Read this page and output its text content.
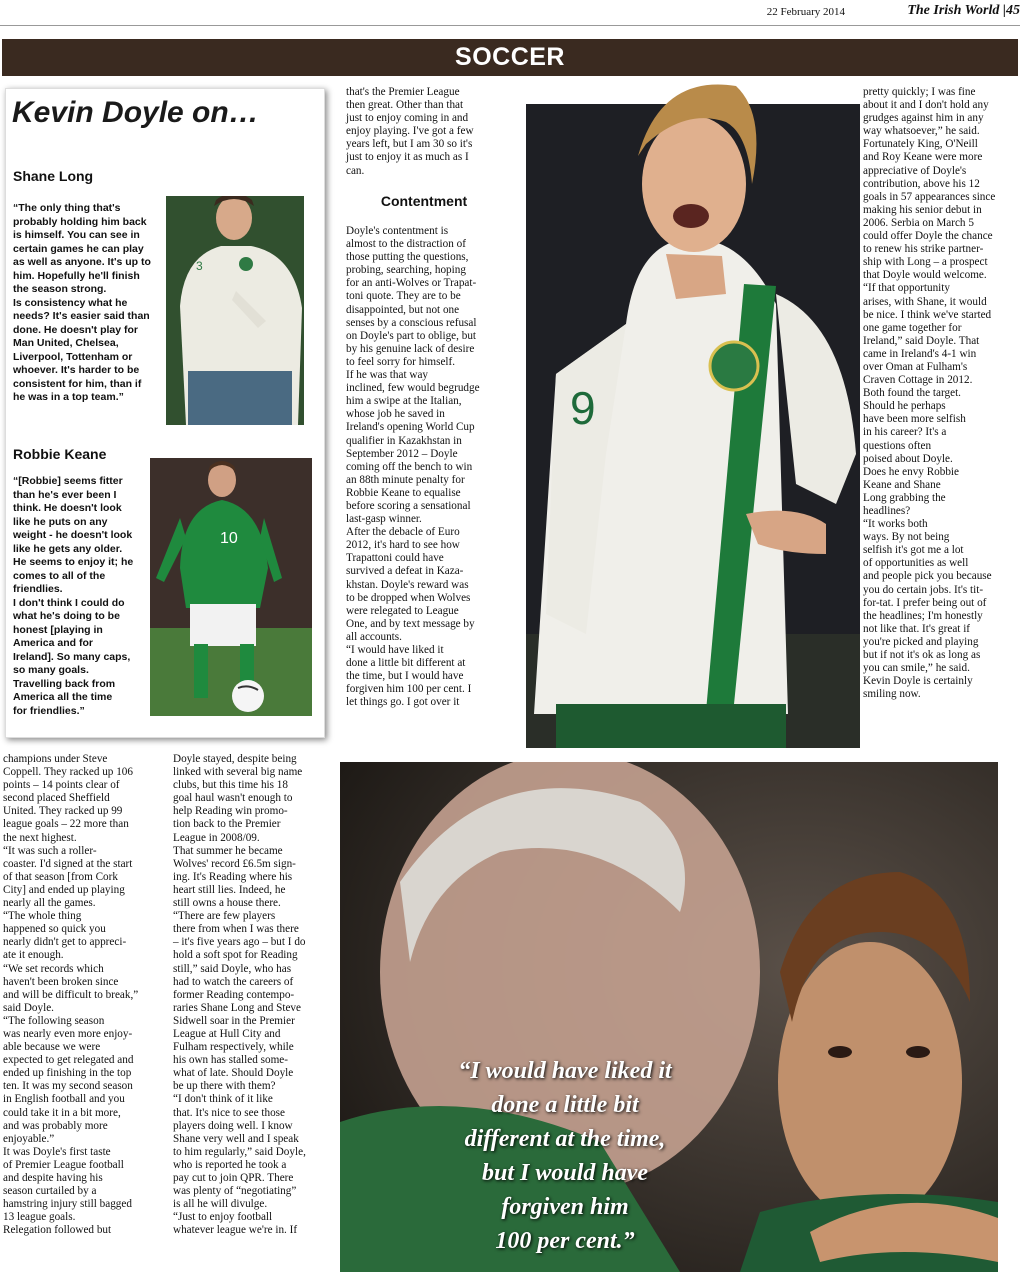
22 February 2014	The Irish World |45
SOCCER
Kevin Doyle on…
Shane Long
“The only thing that's
probably holding him back
is himself. You can see in
certain games he can play
as well as anyone. It's up to
him. Hopefully he'll finish
the season strong.
Is consistency what he
needs? It's easier said than
done. He doesn't play for
Man United, Chelsea,
Liverpool, Tottenham or
whoever. It's harder to be
consistent for him, than if
he was in a top team.”
3
Robbie Keane
“[Robbie] seems fitter
than he's ever been I
think. He doesn't look
like he puts on any
weight - he doesn't look
like he gets any older.
He seems to enjoy it; he
comes to all of the
friendlies.
I don't think I could do
what he's doing to be
honest [playing in
America and for
Ireland]. So many caps,
so many goals.
Travelling back from
America all the time
for friendlies.”
10
that's the Premier League
then great. Other than that
just to enjoy coming in and
enjoy playing. I've got a few
years left, but I am 30 so it's
just to enjoy it as much as I
can.
Contentment
Doyle's contentment is
almost to the distraction of
those putting the questions,
probing, searching, hoping
for an anti-Wolves or Trapat-
toni quote. They are to be
disappointed, but not one
senses by a conscious refusal
on Doyle's part to oblige, but
by his genuine lack of desire
to feel sorry for himself.
If he was that way
inclined, few would begrudge
him a swipe at the Italian,
whose job he saved in
Ireland's opening World Cup
qualifier in Kazakhstan in
September 2012 – Doyle
coming off the bench to win
an 88th minute penalty for
Robbie Keane to equalise
before scoring a sensational
last-gasp winner.
After the debacle of Euro
2012, it's hard to see how
Trapattoni could have
survived a defeat in Kaza-
khstan. Doyle's reward was
to be dropped when Wolves
were relegated to League
One, and by text message by
all accounts.
“I would have liked it
done a little bit different at
the time, but I would have
forgiven him 100 per cent. I
let things go. I got over it
9
pretty quickly; I was fine
about it and I don't hold any
grudges against him in any
way whatsoever,” he said.
Fortunately King, O'Neill
and Roy Keane were more
appreciative of Doyle's
contribution, above his 12
goals in 57 appearances since
making his senior debut in
2006. Serbia on March 5
could offer Doyle the chance
to renew his strike partner-
ship with Long – a prospect
that Doyle would welcome.
“If that opportunity
arises, with Shane, it would
be nice. I think we've started
one game together for
Ireland,” said Doyle. That
came in Ireland's 4-1 win
over Oman at Fulham's
Craven Cottage in 2012.
Both found the target.
Should he perhaps
have been more selfish
in his career? It's a
questions often
poised about Doyle.
Does he envy Robbie
Keane and Shane
Long grabbing the
headlines?
“It works both
ways. By not being
selfish it's got me a lot
of opportunities as well
and people pick you because
you do certain jobs. It's tit-
for-tat. I prefer being out of
the headlines; I'm honestly
not like that. It's great if
you're picked and playing
but if not it's ok as long as
you can smile,” he said.
Kevin Doyle is certainly
smiling now.
champions under Steve
Coppell. They racked up 106
points – 14 points clear of
second placed Sheffield
United. They racked up 99
league goals – 22 more than
the next highest.
“It was such a roller-
coaster. I'd signed at the start
of that season [from Cork
City] and ended up playing
nearly all the games.
“The whole thing
happened so quick you
nearly didn't get to appreci-
ate it enough.
“We set records which
haven't been broken since
and will be difficult to break,”
said Doyle.
“The following season
was nearly even more enjoy-
able because we were
expected to get relegated and
ended up finishing in the top
ten. It was my second season
in English football and you
could take it in a bit more,
and was probably more
enjoyable.”
It was Doyle's first taste
of Premier League football
and despite having his
season curtailed by a
hamstring injury still bagged
13 league goals.
Relegation followed but
Doyle stayed, despite being
linked with several big name
clubs, but this time his 18
goal haul wasn't enough to
help Reading win promo-
tion back to the Premier
League in 2008/09.
That summer he became
Wolves' record £6.5m sign-
ing. It's Reading where his
heart still lies. Indeed, he
still owns a house there.
“There are few players
there from when I was there
– it's five years ago – but I do
hold a soft spot for Reading
still,” said Doyle, who has
had to watch the careers of
former Reading contempo-
raries Shane Long and Steve
Sidwell soar in the Premier
League at Hull City and
Fulham respectively, while
his own has stalled some-
what of late. Should Doyle
be up there with them?
“I don't think of it like
that. It's nice to see those
players doing well. I know
Shane very well and I speak
to him regularly,” said Doyle,
who is reported he took a
pay cut to join QPR. There
was plenty of “negotiating”
is all he will divulge.
“Just to enjoy football
whatever league we're in. If
“I would have liked it
done a little bit
different at the time,
but I would have
forgiven him
100 per cent.”
